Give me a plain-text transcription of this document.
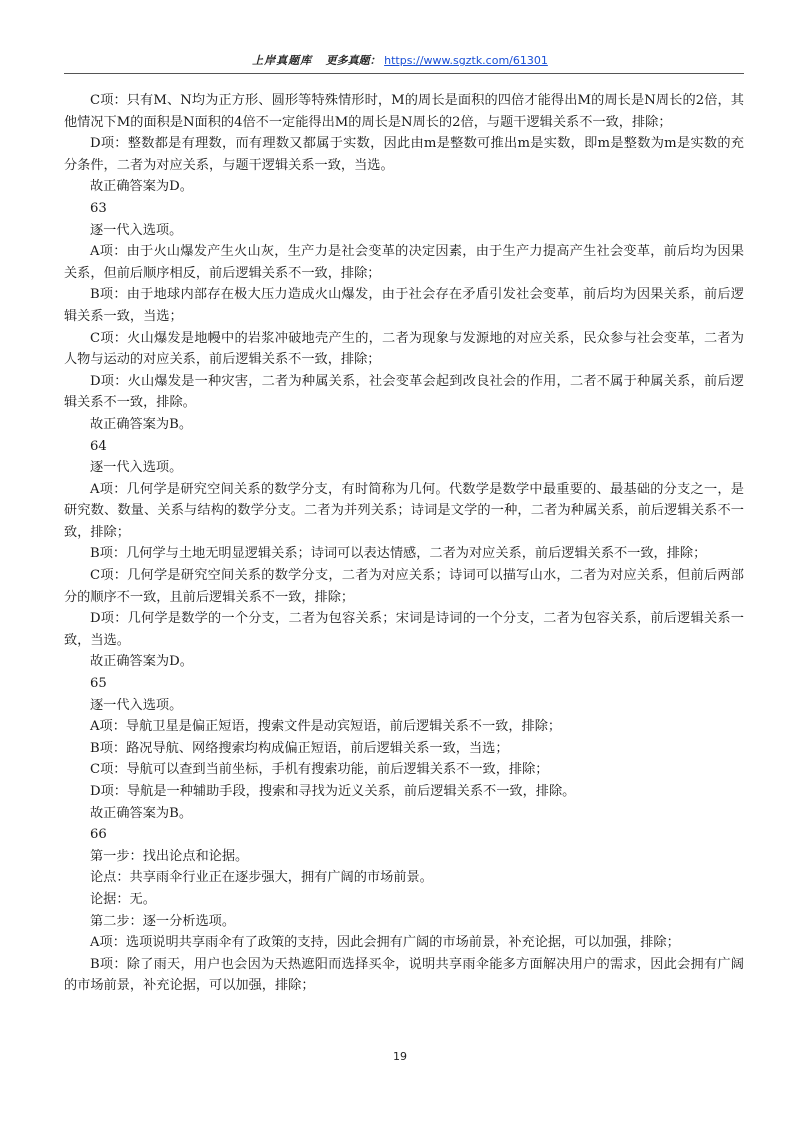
上岸真题库 更多真题： https://www.sgztk.com/61301

C项：只有M、N均为正方形、圆形等特殊情形时，M的周长是面积的四倍才能得出M的周长是N周长的2倍，其他情况下M的面积是N面积的4倍不一定能得出M的周长是N周长的2倍，与题干逻辑关系不一致，排除；

D项：整数都是有理数，而有理数又都属于实数，因此由m是整数可推出m是实数，即m是整数为m是实数的充分条件，二者为对应关系，与题干逻辑关系一致，当选。

故正确答案为D。

63

逐一代入选项。

A项：由于火山爆发产生火山灰，生产力是社会变革的决定因素，由于生产力提高产生社会变革，前后均为因果关系，但前后顺序相反，前后逻辑关系不一致，排除；

B项：由于地球内部存在极大压力造成火山爆发，由于社会存在矛盾引发社会变革，前后均为因果关系，前后逻辑关系一致，当选；

C项：火山爆发是地幔中的岩浆冲破地壳产生的，二者为现象与发源地的对应关系，民众参与社会变革，二者为人物与运动的对应关系，前后逻辑关系不一致，排除；

D项：火山爆发是一种灾害，二者为种属关系，社会变革会起到改良社会的作用，二者不属于种属关系，前后逻辑关系不一致，排除。

故正确答案为B。

64

逐一代入选项。

A项：几何学是研究空间关系的数学分支，有时简称为几何。代数学是数学中最重要的、最基础的分支之一，是研究数、数量、关系与结构的数学分支。二者为并列关系；诗词是文学的一种，二者为种属关系，前后逻辑关系不一致，排除；

B项：几何学与土地无明显逻辑关系；诗词可以表达情感，二者为对应关系，前后逻辑关系不一致，排除；

C项：几何学是研究空间关系的数学分支，二者为对应关系；诗词可以描写山水，二者为对应关系，但前后两部分的顺序不一致，且前后逻辑关系不一致，排除；

D项：几何学是数学的一个分支，二者为包容关系；宋词是诗词的一个分支，二者为包容关系，前后逻辑关系一致，当选。

故正确答案为D。

65

逐一代入选项。

A项：导航卫星是偏正短语，搜索文件是动宾短语，前后逻辑关系不一致，排除；

B项：路况导航、网络搜索均构成偏正短语，前后逻辑关系一致，当选；

C项：导航可以查到当前坐标，手机有搜索功能，前后逻辑关系不一致，排除；

D项：导航是一种辅助手段，搜索和寻找为近义关系，前后逻辑关系不一致，排除。

故正确答案为B。

66

第一步：找出论点和论据。

论点：共享雨伞行业正在逐步强大，拥有广阔的市场前景。

论据：无。

第二步：逐一分析选项。

A项：选项说明共享雨伞有了政策的支持，因此会拥有广阔的市场前景，补充论据，可以加强，排除；

B项：除了雨天，用户也会因为天热遮阳而选择买伞，说明共享雨伞能多方面解决用户的需求，因此会拥有广阔的市场前景，补充论据，可以加强，排除；

19
